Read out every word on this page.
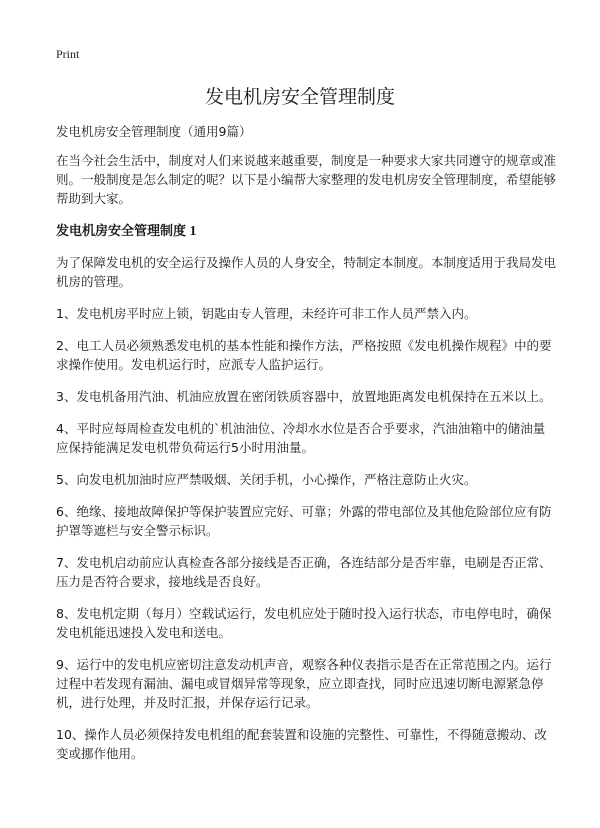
Print
发电机房安全管理制度

发电机房安全管理制度（通用9篇）

在当今社会生活中，制度对人们来说越来越重要，制度是一种要求大家共同遵守的规章或准则。一般制度是怎么制定的呢？以下是小编帮大家整理的发电机房安全管理制度，希望能够帮助到大家。

发电机房安全管理制度 1

为了保障发电机的安全运行及操作人员的人身安全，特制定本制度。本制度适用于我局发电机房的管理。

1、发电机房平时应上锁，钥匙由专人管理，未经许可非工作人员严禁入内。

2、电工人员必须熟悉发电机的基本性能和操作方法，严格按照《发电机操作规程》中的要求操作使用。发电机运行时，应派专人监护运行。

3、发电机备用汽油、机油应放置在密闭铁质容器中，放置地距离发电机保持在五米以上。

4、平时应每周检查发电机的`机油油位、冷却水水位是否合乎要求，汽油油箱中的储油量应保持能满足发电机带负荷运行5小时用油量。

5、向发电机加油时应严禁吸烟、关闭手机，小心操作，严格注意防止火灾。

6、绝缘、接地故障保护等保护装置应完好、可靠；外露的带电部位及其他危险部位应有防护罩等遮栏与安全警示标识。

7、发电机启动前应认真检查各部分接线是否正确，各连结部分是否牢靠，电刷是否正常、压力是否符合要求，接地线是否良好。

8、发电机定期（每月）空载试运行，发电机应处于随时投入运行状态，市电停电时，确保发电机能迅速投入发电和送电。

9、运行中的发电机应密切注意发动机声音，观察各种仪表指示是否在正常范围之内。运行过程中若发现有漏油、漏电或冒烟异常等现象，应立即查找，同时应迅速切断电源紧急停机，进行处理，并及时汇报，并保存运行记录。

10、操作人员必须保持发电机组的配套装置和设施的完整性、可靠性，不得随意搬动、改变或挪作他用。
